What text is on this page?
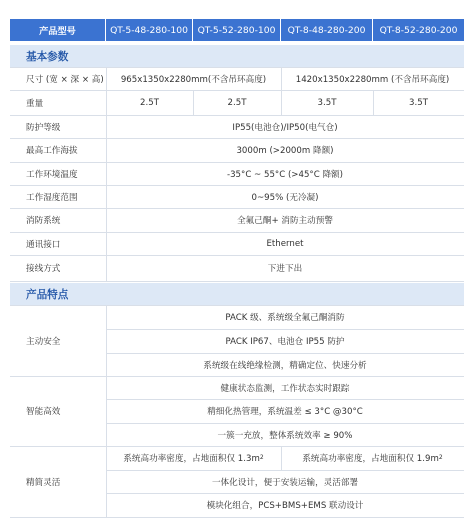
产品型号	QT-5-48-280-100	QT-5-52-280-100	QT-8-48-280-200	QT-8-52-280-200
基本参数
尺寸 (宽 × 深 × 高)	965x1350x2280mm(不含吊环高度)	1420x1350x2280mm (不含吊环高度)
重量	2.5T	2.5T	3.5T	3.5T
防护等级	IP55(电池仓)/IP50(电气仓)
最高工作海拔	3000m (>2000m 降额)
工作环境温度	-35°C ~ 55°C (>45°C 降额)
工作湿度范围	0~95% (无冷凝)
消防系统	全氟己酮+ 消防主动预警
通讯接口	Ethernet
接线方式	下进下出
产品特点
主动安全
PACK 级、系统级全氟己酮消防
PACK IP67、电池仓 IP55 防护
系统级在线绝缘检测，精确定位、快速分析
智能高效
健康状态监测，工作状态实时跟踪
精细化热管理，系统温差 ≤ 3°C @30°C
一簇一充放，整体系统效率 ≥ 90%
精简灵活
系统高功率密度，占地面积仅 1.3m 2	系统高功率密度，占地面积仅 1.9m 2
一体化设计，便于安装运输，灵活部署
模块化组合，PCS+BMS+EMS 联动设计
